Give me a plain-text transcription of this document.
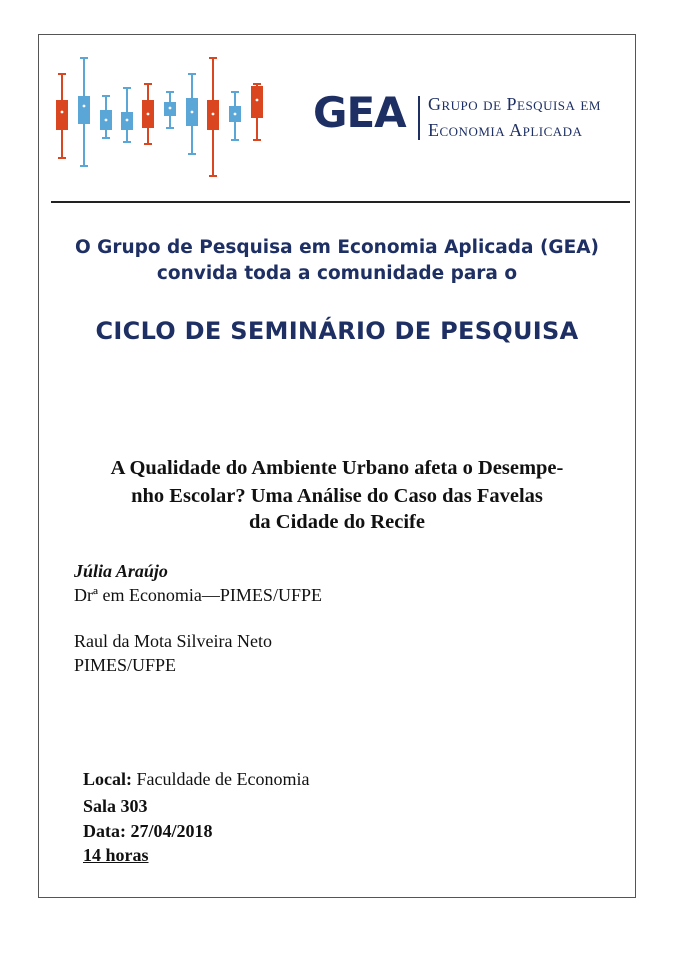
GEA Grupo de Pesquisa em
Economia Aplicada
O Grupo de Pesquisa em Economia Aplicada (GEA)
convida toda a comunidade para o
CICLO DE SEMINÁRIO DE PESQUISA
A Qualidade do Ambiente Urbano afeta o Desempe-
nho Escolar? Uma Análise do Caso das Favelas
da Cidade do Recife
Júlia Araújo
Drª em Economia—PIMES/UFPE
Raul da Mota Silveira Neto
PIMES/UFPE
Local: Faculdade de Economia
Sala 303
Data: 27/04/2018
14 horas
